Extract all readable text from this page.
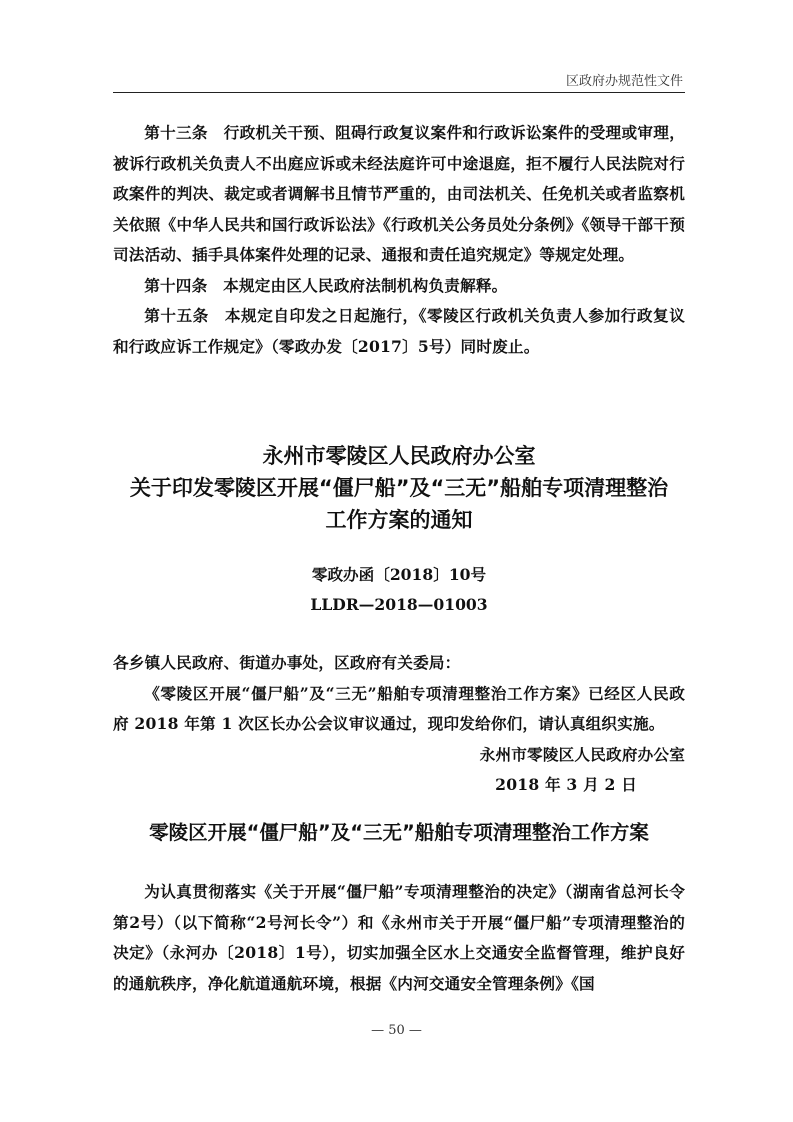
区政府办规范性文件

第十三条　行政机关干预、阻碍行政复议案件和行政诉讼案件的受理或审理，被诉行政机关负责人不出庭应诉或未经法庭许可中途退庭，拒不履行人民法院对行政案件的判决、裁定或者调解书且情节严重的，由司法机关、任免机关或者监察机关依照《中华人民共和国行政诉讼法》《行政机关公务员处分条例》《领导干部干预司法活动、插手具体案件处理的记录、通报和责任追究规定》等规定处理。

第十四条　本规定由区人民政府法制机构负责解释。

第十五条　本规定自印发之日起施行，《零陵区行政机关负责人参加行政复议和行政应诉工作规定》（零政办发〔2017〕5号）同时废止。

永州市零陵区人民政府办公室
关于印发零陵区开展“僵尸船”及“三无”船舶专项清理整治
工作方案的通知
零政办函〔2018〕10号
LLDR—2018—01003

各乡镇人民政府、街道办事处，区政府有关委局：

《零陵区开展“僵尸船”及“三无”船舶专项清理整治工作方案》已经区人民政府 2018 年第 1 次区长办公会议审议通过，现印发给你们，请认真组织实施。

永州市零陵区人民政府办公室

2018 年 3 月 2 日

零陵区开展“僵尸船”及“三无”船舶专项清理整治工作方案

为认真贯彻落实《关于开展“僵尸船”专项清理整治的决定》（湖南省总河长令第2号）（以下简称“2号河长令”）和《永州市关于开展“僵尸船”专项清理整治的决定》（永河办〔2018〕1号），切实加强全区水上交通安全监督管理，维护良好的通航秩序，净化航道通航环境，根据《内河交通安全管理条例》《国

— 50 —
